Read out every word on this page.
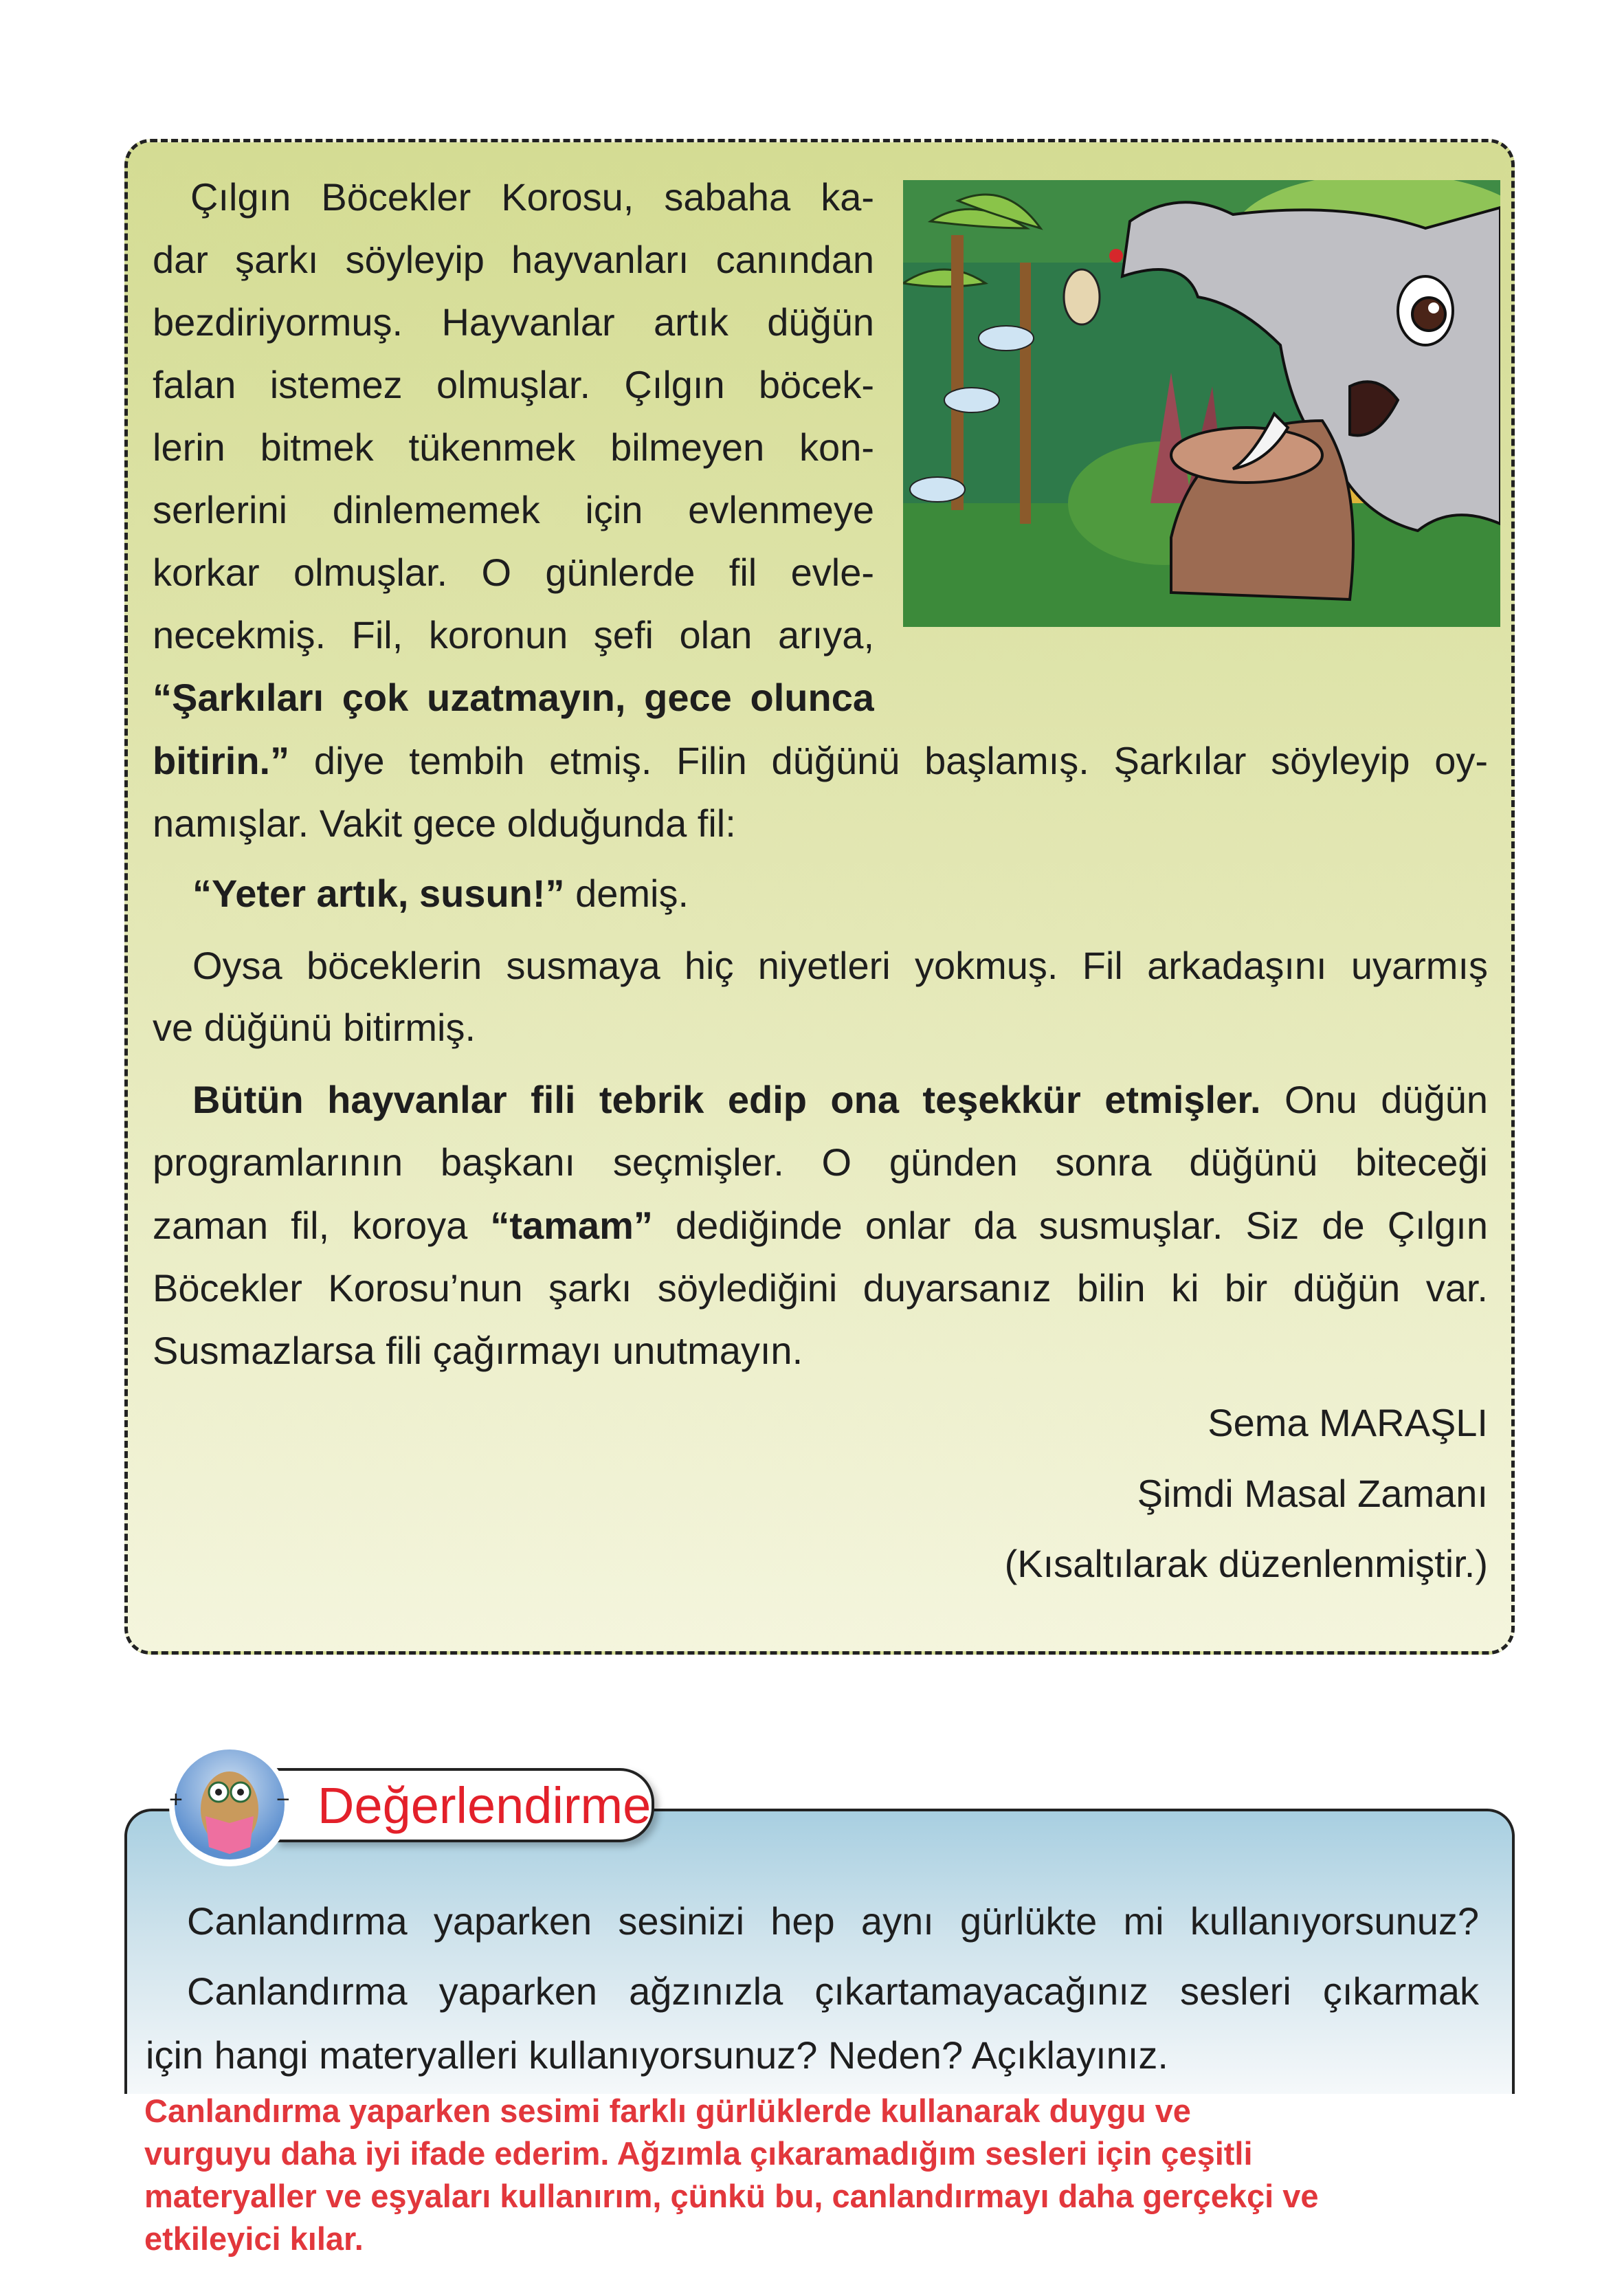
Çılgın Böcekler Korosu, sabaha ka-
dar şarkı söyleyip hayvanları canından
bezdiriyormuş. Hayvanlar artık düğün
falan istemez olmuşlar. Çılgın böcek-
lerin bitmek tükenmek bilmeyen kon-
serlerini dinlememek için evlenmeye
korkar olmuşlar. O günlerde fil evle-
necekmiş. Fil, koronun şefi olan arıya,
“Şarkıları çok uzatmayın, gece olunca
bitirin.” diye tembih etmiş. Filin düğünü başlamış. Şarkılar söyleyip oy-
namışlar. Vakit gece olduğunda fil:
“Yeter artık, susun!” demiş.
Oysa böceklerin susmaya hiç niyetleri yokmuş. Fil arkadaşını uyarmış
ve düğünü bitirmiş.
Bütün hayvanlar fili tebrik edip ona teşekkür etmişler. Onu düğün
programlarının başkanı seçmişler. O günden sonra düğünü biteceği
zaman fil, koroya “tamam” dediğinde onlar da susmuşlar. Siz de Çılgın
Böcekler Korosu’nun şarkı söylediğini duyarsanız bilin ki bir düğün var.
Susmazlarsa fili çağırmayı unutmayın.
Sema MARAŞLI
Şimdi Masal Zamanı
(Kısaltılarak düzenlenmiştir.)
Değerlendirme
+	−
Canlandırma yaparken sesinizi hep aynı gürlükte mi kullanıyorsunuz?
Canlandırma yaparken ağzınızla çıkartamayacağınız sesleri çıkarmak
için hangi materyalleri kullanıyorsunuz? Neden? Açıklayınız.
Canlandırma yaparken sesimi farklı gürlüklerde kullanarak duygu ve
vurguyu daha iyi ifade ederim. Ağzımla çıkaramadığım sesleri için çeşitli
materyaller ve eşyaları kullanırım, çünkü bu, canlandırmayı daha gerçekçi ve
etkileyici kılar.
